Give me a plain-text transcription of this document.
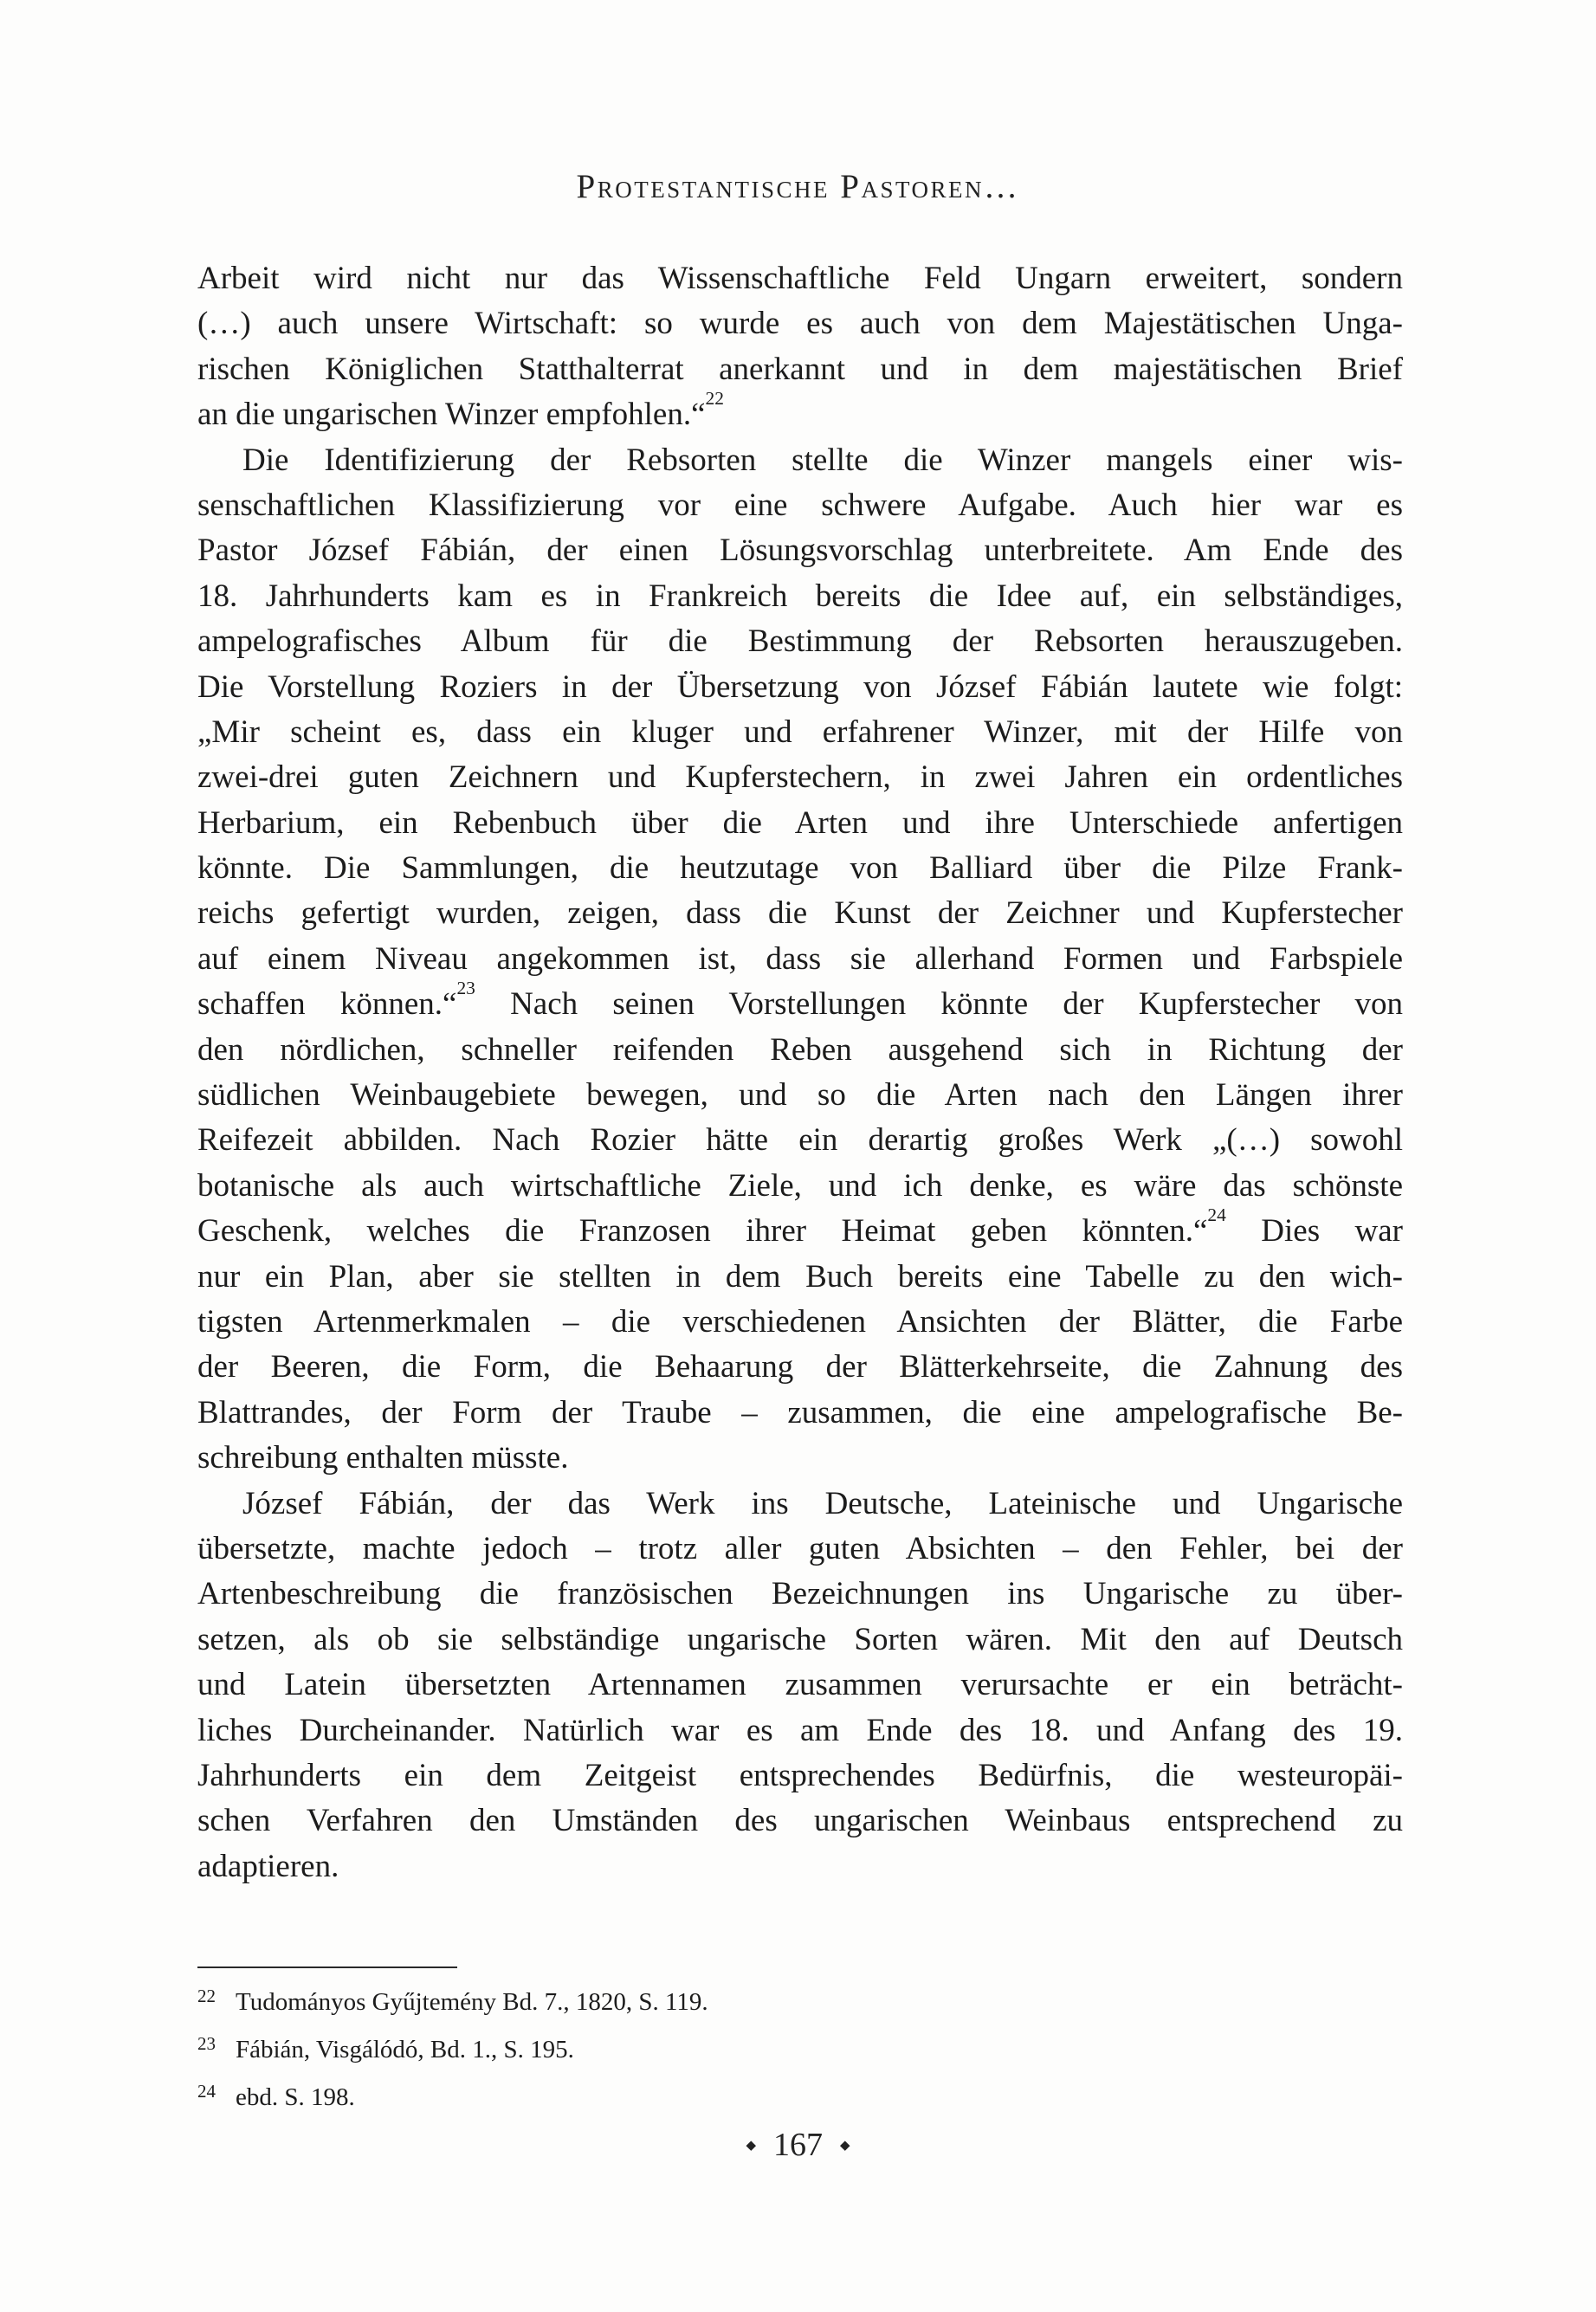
Protestantische Pastoren…
Arbeit wird nicht nur das Wissenschaftliche Feld Ungarn erweitert, sondern
(…) auch unsere Wirtschaft: so wurde es auch von dem Majestätischen Unga-
rischen Königlichen Statthalterrat anerkannt und in dem majestätischen Brief
an die ungarischen Winzer empfohlen.“$^{22}$
Die Identifizierung der Rebsorten stellte die Winzer mangels einer wis-
senschaftlichen Klassifizierung vor eine schwere Aufgabe. Auch hier war es
Pastor József Fábián, der einen Lösungsvorschlag unterbreitete. Am Ende des
18. Jahrhunderts kam es in Frankreich bereits die Idee auf, ein selbständiges,
ampelografisches Album für die Bestimmung der Rebsorten herauszugeben.
Die Vorstellung Roziers in der Übersetzung von József Fábián lautete wie folgt:
„Mir scheint es, dass ein kluger und erfahrener Winzer, mit der Hilfe von
zwei-drei guten Zeichnern und Kupferstechern, in zwei Jahren ein ordentliches
Herbarium, ein Rebenbuch über die Arten und ihre Unterschiede anfertigen
könnte. Die Sammlungen, die heutzutage von Balliard über die Pilze Frank-
reichs gefertigt wurden, zeigen, dass die Kunst der Zeichner und Kupferstecher
auf einem Niveau angekommen ist, dass sie allerhand Formen und Farbspiele
schaffen können.“$^{23}$ Nach seinen Vorstellungen könnte der Kupferstecher von
den nördlichen, schneller reifenden Reben ausgehend sich in Richtung der
südlichen Weinbaugebiete bewegen, und so die Arten nach den Längen ihrer
Reifezeit abbilden. Nach Rozier hätte ein derartig großes Werk „(…) sowohl
botanische als auch wirtschaftliche Ziele, und ich denke, es wäre das schönste
Geschenk, welches die Franzosen ihrer Heimat geben könnten.“$^{24}$ Dies war
nur ein Plan, aber sie stellten in dem Buch bereits eine Tabelle zu den wich-
tigsten Artenmerkmalen – die verschiedenen Ansichten der Blätter, die Farbe
der Beeren, die Form, die Behaarung der Blätterkehrseite, die Zahnung des
Blattrandes, der Form der Traube – zusammen, die eine ampelografische Be-
schreibung enthalten müsste.
József Fábián, der das Werk ins Deutsche, Lateinische und Ungarische
übersetzte, machte jedoch – trotz aller guten Absichten – den Fehler, bei der
Artenbeschreibung die französischen Bezeichnungen ins Ungarische zu über-
setzen, als ob sie selbständige ungarische Sorten wären. Mit den auf Deutsch
und Latein übersetzten Artennamen zusammen verursachte er ein beträcht-
liches Durcheinander. Natürlich war es am Ende des 18. und Anfang des 19.
Jahrhunderts ein dem Zeitgeist entsprechendes Bedürfnis, die westeuropäi-
schen Verfahren den Umständen des ungarischen Weinbaus entsprechend zu
adaptieren.
22 Tudományos Gyűjtemény Bd. 7., 1820, S. 119.
23 Fábián, Visgálódó, Bd. 1., S. 195.
24 ebd. S. 198.
◆ 167 ◆
